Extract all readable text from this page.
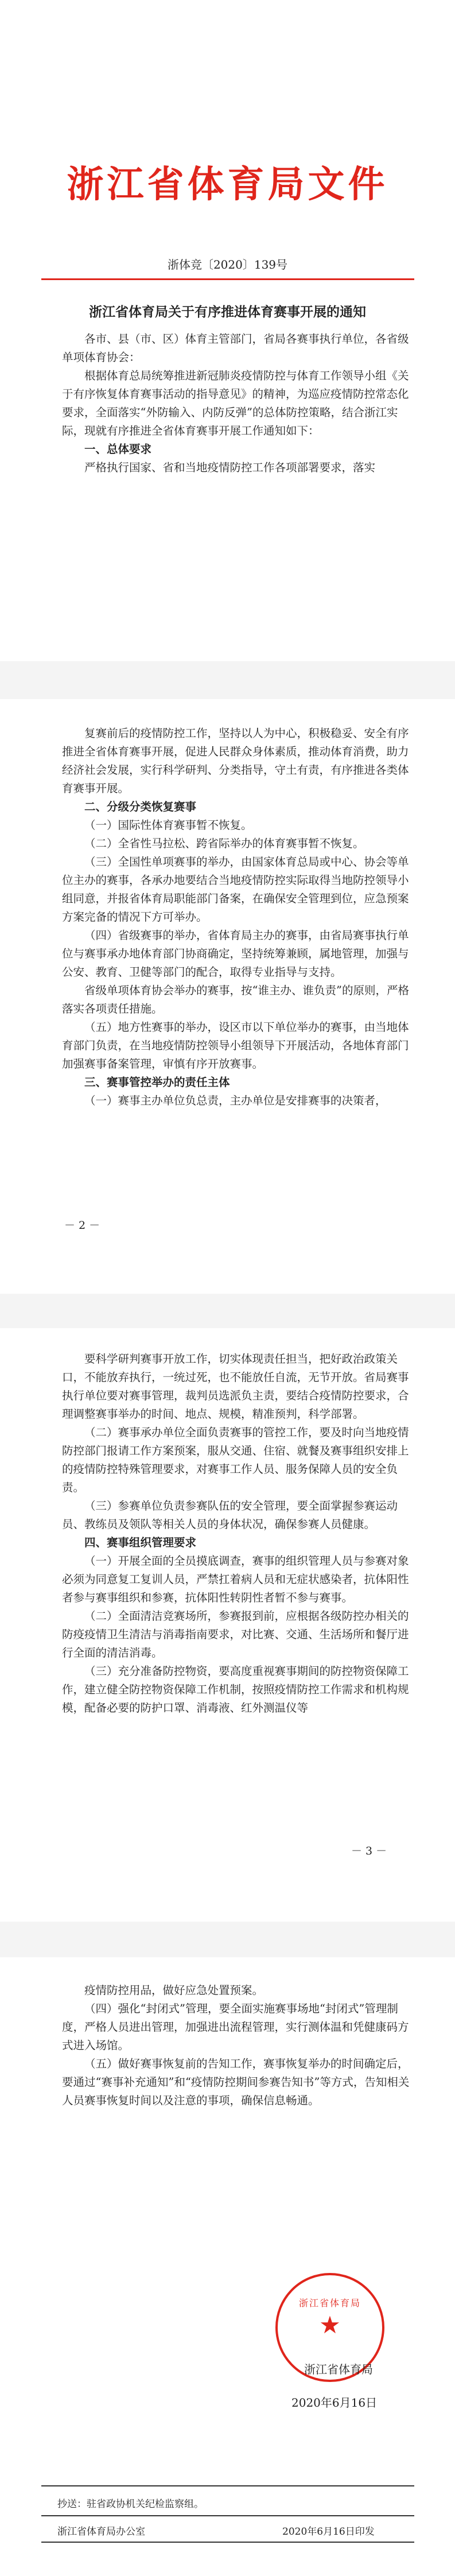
浙江省体育局文件
浙体竞〔2020〕139号
浙江省体育局关于有序推进体育赛事开展的通知
各市、县（市、区）体育主管部门，省局各赛事执行单位，各省级单项体育协会：
根据体育总局统筹推进新冠肺炎疫情防控与体育工作领导小组《关于有序恢复体育赛事活动的指导意见》的精神，为巡应疫情防控常态化要求，全面落实“外防输入、内防反弹”的总体防控策略，结合浙江实际，现就有序推进全省体育赛事开展工作通知如下：
一、总体要求
严格执行国家、省和当地疫情防控工作各项部署要求，落实
复赛前后的疫情防控工作，坚持以人为中心，积极稳妥、安全有序推进全省体育赛事开展，促进人民群众身体素质，推动体育消费，助力经济社会发展，实行科学研判、分类指导，守土有责，有序推进各类体育赛事开展。
二、分级分类恢复赛事
（一）国际性体育赛事暂不恢复。
（二）全省性马拉松、跨省际举办的体育赛事暂不恢复。
（三）全国性单项赛事的举办，由国家体育总局或中心、协会等单位主办的赛事，各承办地要结合当地疫情防控实际取得当地防控领导小组同意，并报省体育局职能部门备案，在确保安全管理到位，应急预案方案完备的情况下方可举办。
（四）省级赛事的举办，省体育局主办的赛事，由省局赛事执行单位与赛事承办地体育部门协商确定，坚持统筹兼顾，属地管理，加强与公安、教育、卫健等部门的配合，取得专业指导与支持。
省级单项体育协会举办的赛事，按“谁主办、谁负责”的原则，严格落实各项责任措施。
（五）地方性赛事的举办，设区市以下单位举办的赛事，由当地体育部门负责，在当地疫情防控领导小组领导下开展活动，各地体育部门加强赛事备案管理，审慎有序开放赛事。
三、赛事管控举办的责任主体
（一）赛事主办单位负总责，主办单位是安排赛事的决策者，
－ 2 －
要科学研判赛事开放工作，切实体现责任担当，把好政治政策关口，不能放弃执行，一统过死，也不能放任自流，无节开放。省局赛事执行单位要对赛事管理，裁判员选派负主责，要结合疫情防控要求，合理调整赛事举办的时间、地点、规模，精准预判，科学部署。
（二）赛事承办单位全面负责赛事的管控工作，要及时向当地疫情防控部门报请工作方案预案，服从交通、住宿、就餐及赛事组织安排上的疫情防控特殊管理要求，对赛事工作人员、服务保障人员的安全负责。
（三）参赛单位负责参赛队伍的安全管理，要全面掌握参赛运动员、教练员及领队等相关人员的身体状况，确保参赛人员健康。
四、赛事组织管理要求
（一）开展全面的全员摸底调查，赛事的组织管理人员与参赛对象必须为同意复工复训人员，严禁扛着病人员和无症状感染者，抗体阳性者参与赛事组织和参赛，抗体阳性转阴性者暂不参与赛事。
（二）全面清洁竞赛场所，参赛报到前，应根据各级防控办相关的防疫疫情卫生清洁与消毒指南要求，对比赛、交通、生活场所和餐厅进行全面的清洁消毒。
（三）充分准备防控物资，要高度重视赛事期间的防控物资保障工作，建立健全防控物资保障工作机制，按照疫情防控工作需求和机构规模，配备必要的防护口罩、消毒液、红外测温仪等
－ 3 －
疫情防控用品，做好应急处置预案。
（四）强化“封闭式”管理，要全面实施赛事场地“封闭式”管理制度，严格人员进出管理，加强进出流程管理，实行测体温和凭健康码方式进入场馆。
（五）做好赛事恢复前的告知工作，赛事恢复举办的时间确定后，要通过“赛事补充通知”和“疫情防控期间参赛告知书”等方式，告知相关人员赛事恢复时间以及注意的事项，确保信息畅通。
浙江省体育局
★
浙江省体育局
2020年6月16日
抄送：驻省政协机关纪检监察组。
浙江省体育局办公室	2020年6月16日印发
